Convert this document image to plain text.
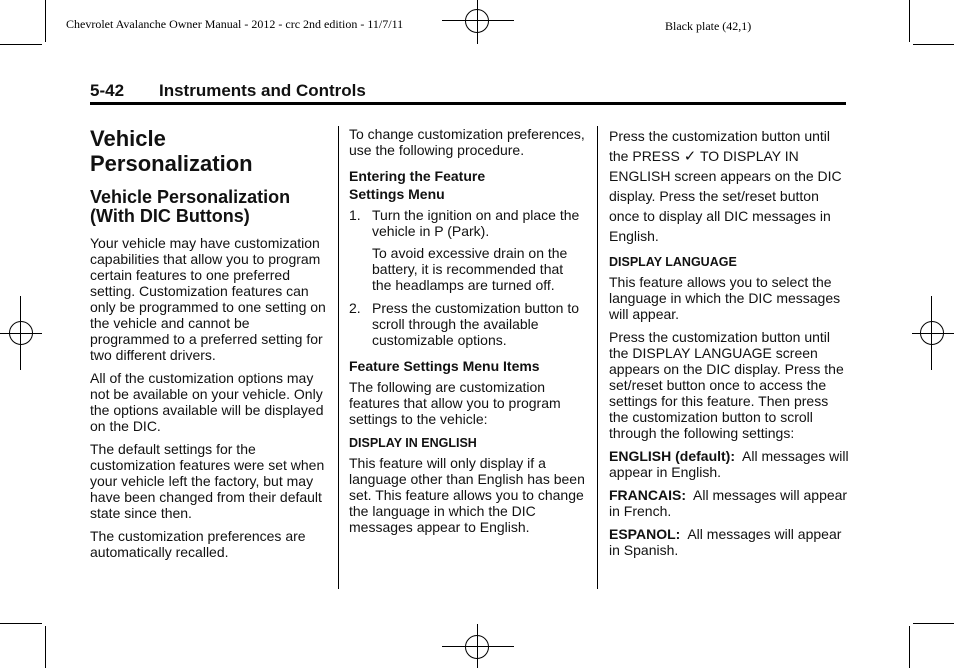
Chevrolet Avalanche Owner Manual - 2012 - crc 2nd edition - 11/7/11	Black plate (42,1)
5-42 Instruments and Controls
Vehicle Personalization
Vehicle Personalization (With DIC Buttons)

Your vehicle may have customization capabilities that allow you to program certain features to one preferred setting. Customization features can only be programmed to one setting on the vehicle and cannot be programmed to a preferred setting for two different drivers.

All of the customization options may not be available on your vehicle. Only the options available will be displayed on the DIC.

The default settings for the customization features were set when your vehicle left the factory, but may have been changed from their default state since then.

The customization preferences are automatically recalled.

To change customization preferences, use the following procedure.

Entering the Feature Settings Menu
1. Turn the ignition on and place the vehicle in P (Park).

To avoid excessive drain on the battery, it is recommended that the headlamps are turned off.

2. Press the customization button to scroll through the available customizable options.
Feature Settings Menu Items

The following are customization features that allow you to program settings to the vehicle:

DISPLAY IN ENGLISH

This feature will only display if a language other than English has been set. This feature allows you to change the language in which the DIC messages appear to English.

Press the customization button until the PRESS ✓ TO DISPLAY IN ENGLISH screen appears on the DIC display. Press the set/reset button once to display all DIC messages in English.

DISPLAY LANGUAGE

This feature allows you to select the language in which the DIC messages will appear.

Press the customization button until the DISPLAY LANGUAGE screen appears on the DIC display. Press the set/reset button once to access the settings for this feature. Then press the customization button to scroll through the following settings:

ENGLISH (default): All messages will appear in English.

FRANCAIS: All messages will appear in French.

ESPANOL: All messages will appear in Spanish.
